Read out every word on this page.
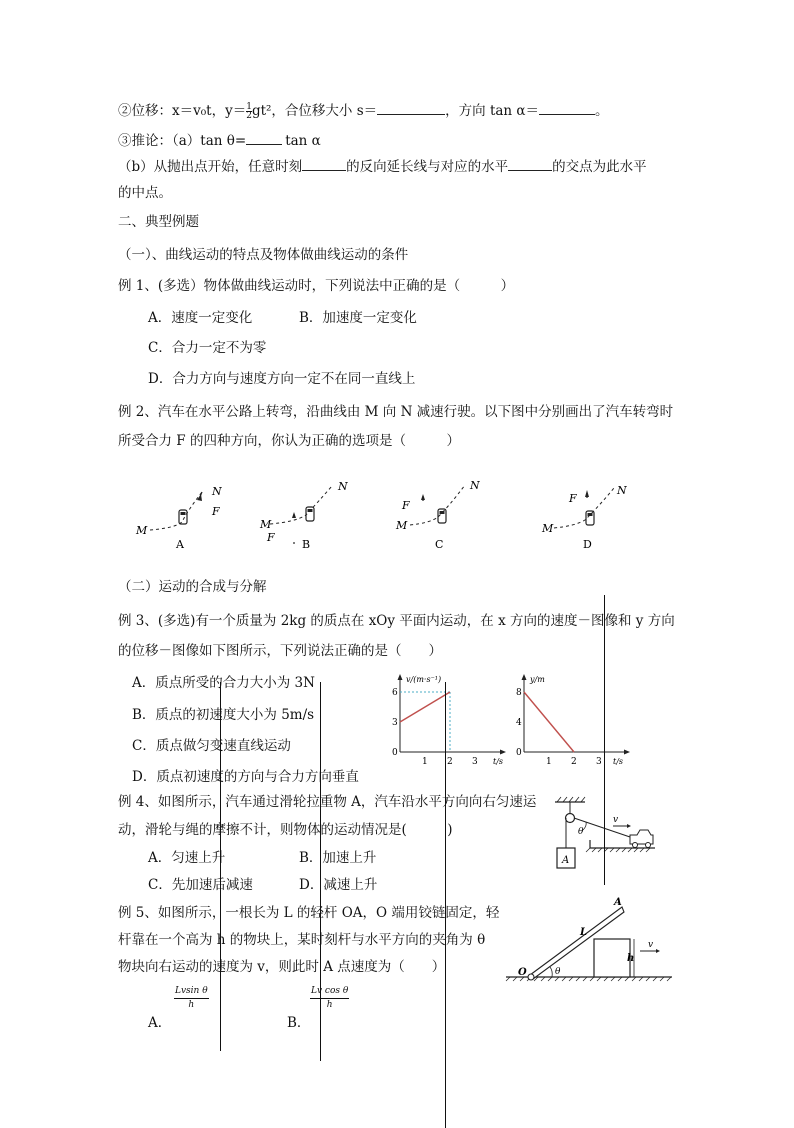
②位移：x＝v₀t，$y= \frac{1}{2} gt^2$，合位移大小 s＝	，方向 tan α＝	。
③推论：（a）tan θ=	tan α
（b）从抛出点开始，任意时刻	的反向延长线与对应的水平	的交点为此水平
的中点。
二、典型例题
（一）、曲线运动的特点及物体做曲线运动的条件
例 1、(多选）物体做曲线运动时，下列说法中正确的是（　　　）
A．速度一定变化	B．加速度一定变化
C．合力一定不为零
D．合力方向与速度方向一定不在同一直线上
例 2、汽车在水平公路上转弯，沿曲线由 M 向 N 减速行驶。以下图中分别画出了汽车转弯时
所受合力 F 的四种方向，你认为正确的选项是（　　　）
M
N
F
A
M
N
F
B
M
N
F
C
M
N
F
D
（二）运动的合成与分解
例 3、(多选)有一个质量为 2kg 的质点在 xOy 平面内运动，在 x 方向的速度－图像和 y 方向
的位移－图像如下图所示，下列说法正确的是（　　）
A．质点所受的合力大小为 3N
B．质点的初速度大小为 5m/s
C．质点做匀变速直线运动
D．质点初速度的方向与合力方向垂直
v/(m·s⁻¹)
t/s
6
3
0
1 2 3
y/m
t/s
8
4
0
1 2 3
例 4、如图所示，汽车通过滑轮拉重物 A，汽车沿水平方向向右匀速运
动，滑轮与绳的摩擦不计，则物体的运动情况是(　　　)
A．匀速上升	B．加速上升
C．先加速后减速	D．减速上升
A
v
θ
例 5、如图所示，一根长为 L 的轻杆 OA，O 端用铰链固定，轻
杆靠在一个高为 h 的物块上，某时刻杆与水平方向的夹角为 θ
物块向右运动的速度为 v，则此时 A 点速度为（　　）
A．
$\frac{\text{Lvsin θ}}{h}$
B．
$\frac{\text{Lv cos θ}}{h}$
θ
O
A
L
h
v
